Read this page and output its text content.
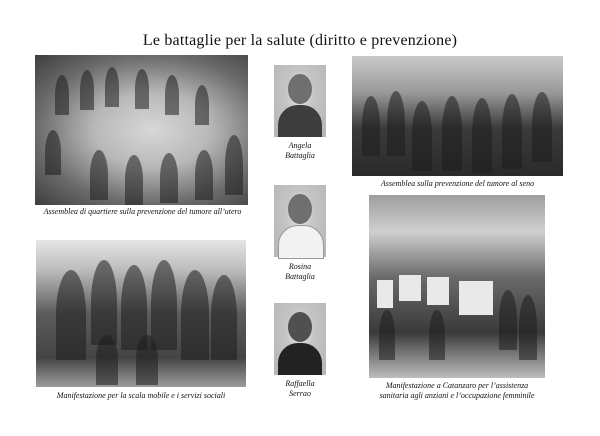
Le battaglie per la salute (diritto e prevenzione)
Assemblea di quartiere sulla prevenzione del tumore all’utero
Assemblea sulla prevenzione del tumore al seno
Manifestazione per la scala mobile e i servizi sociali
Manifestazione a Catanzaro per l’assistenza
sanitaria agli anziani e l’occupazione femminile
Angela
Battaglia
Rosina
Battaglia
Raffaella
Serrao
